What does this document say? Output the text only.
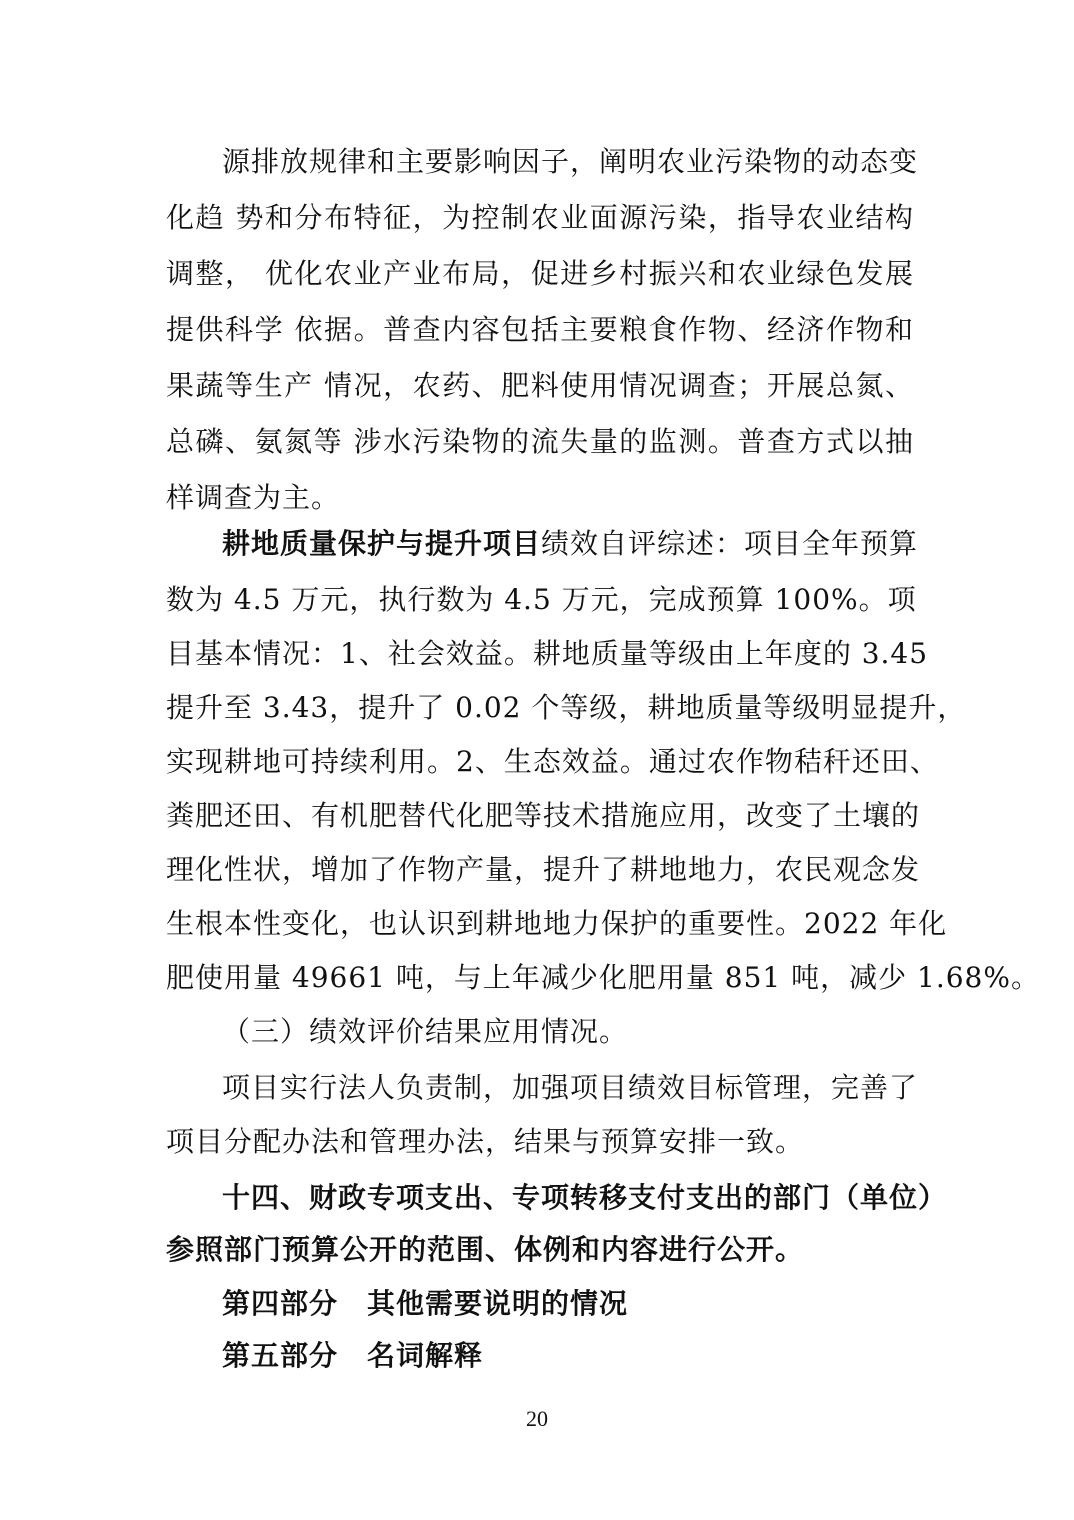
源排放规律和主要影响因子，阐明农业污染物的动态变
化趋 势和分布特征，为控制农业面源污染，指导农业结构
调整， 优化农业产业布局，促进乡村振兴和农业绿色发展
提供科学 依据。普查内容包括主要粮食作物、经济作物和
果蔬等生产 情况，农药、肥料使用情况调查；开展总氮、
总磷、氨氮等 涉水污染物的流失量的监测。普查方式以抽
样调查为主。
耕地质量保护与提升项目绩效自评综述：项目全年预算
数为 4.5 万元，执行数为 4.5 万元，完成预算 100%。项
目基本情况：1、社会效益。耕地质量等级由上年度的 3.45
提升至 3.43，提升了 0.02 个等级，耕地质量等级明显提升，
实现耕地可持续利用。2、生态效益。通过农作物秸秆还田、
粪肥还田、有机肥替代化肥等技术措施应用，改变了土壤的
理化性状，增加了作物产量，提升了耕地地力，农民观念发
生根本性变化，也认识到耕地地力保护的重要性。2022 年化
肥使用量 49661 吨，与上年减少化肥用量 851 吨，减少 1.68%。
（三）绩效评价结果应用情况。
项目实行法人负责制，加强项目绩效目标管理，完善了
项目分配办法和管理办法，结果与预算安排一致。
十四、财政专项支出、专项转移支付支出的部门（单位）
参照部门预算公开的范围、体例和内容进行公开。
第四部分　其他需要说明的情况
第五部分　名词解释
20
